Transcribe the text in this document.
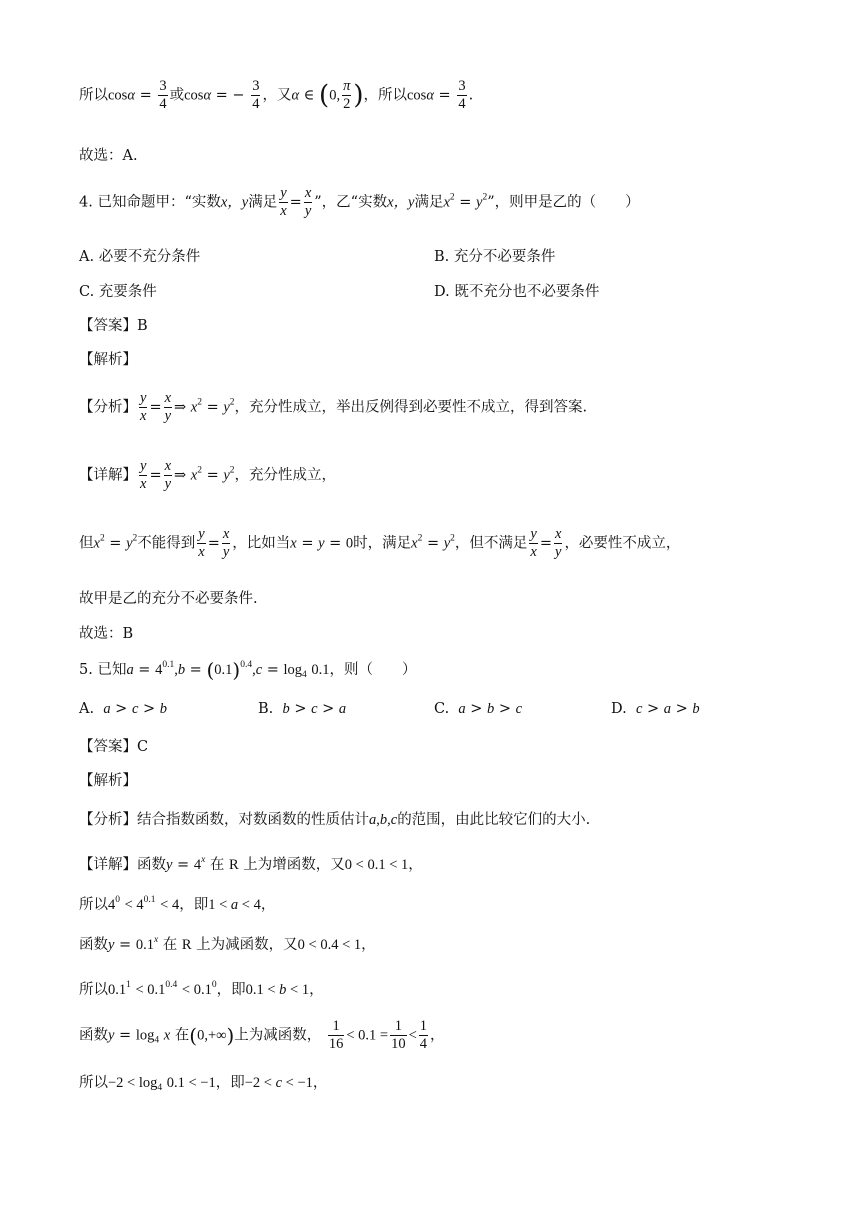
所以$\cos\alpha = \frac{3}{4}$ 或cosα = − $\frac{3}{4}$ ，又α ∈ (0, $\frac{\pi}{2}$ )，所以$\cos\alpha = \frac{3}{4}$ .
故选：A.
4. 已知命题甲：“实数x，y满足 $\frac{y}{x} = \frac{x}{y}$ ”，乙“实数x，y满足$x^2 = y^2$”，则甲是乙的（　　）
A. 必要不充分条件	B. 充分不必要条件
C. 充要条件	D. 既不充分也不必要条件
【答案】B
【解析】
【分析】 $\frac{y}{x} = \frac{x}{y}$ ⇒ $x^2 = y^2$，充分性成立，举出反例得到必要性不成立，得到答案.
【详解】 $\frac{y}{x} = \frac{x}{y}$ ⇒ $x^2 = y^2$，充分性成立，
但$x^2 = y^2$不能得到 $\frac{y}{x} = \frac{x}{y}$ ，比如当x = y = 0时，满足$x^2 = y^2$，但不满足 $\frac{y}{x} = \frac{x}{y}$ ，必要性不成立，
故甲是乙的充分不必要条件.
故选：B
5. 已知$a = 4^{0.1},b = (0.1)^{0.4},c = \log_4 0.1$，则（　　）
A. a > c > b	B. b > c > a	C. a > b > c	D. c > a > b
【答案】C
【解析】
【分析】结合指数函数，对数函数的性质估计a,b,c的范围，由此比较它们的大小.
【详解】函数$y = 4^x$ 在 R 上为增函数，又0 < 0.1 < 1，
所以$4^0 < 4^{0.1} < 4$，即1 < a < 4，
函数$y = 0.1^x$ 在 R 上为减函数，又0 < 0.4 < 1，
所以$0.1^1 < 0.1^{0.4} < 0.1^0$，即0.1 < b < 1，
函数$y = \log_4 x$ 在(0,+∞)上为减函数， $\frac{1}{16} < 0.1 = \frac{1}{10} < \frac{1}{4}$ ，
所以$-2 < \log_4 0.1 < -1$，即−2 < c < −1，
